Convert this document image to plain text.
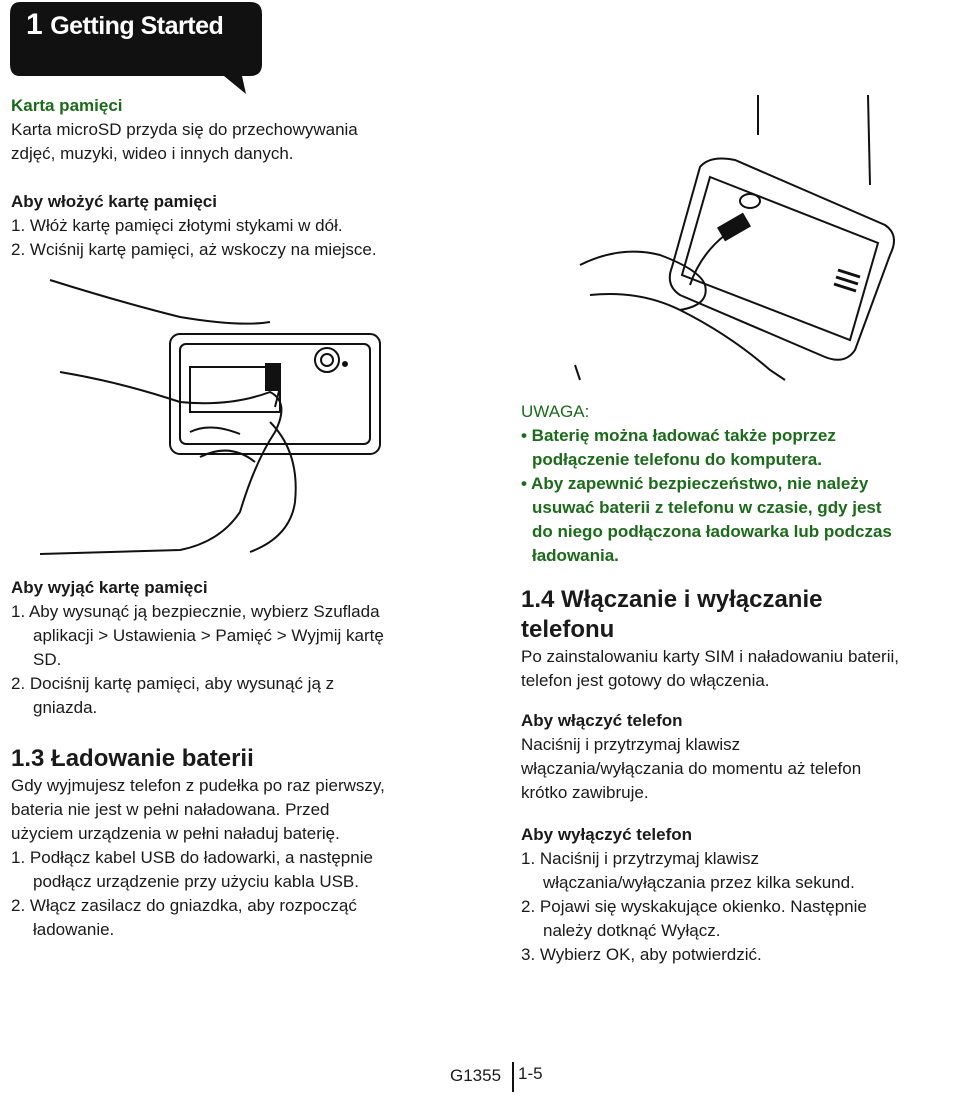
1 Getting Started
Karta pamięci
Karta microSD przyda się do przechowywania
zdjęć, muzyki, wideo i innych danych.
Aby włożyć kartę pamięci
1. Włóż kartę pamięci złotymi stykami w dół.
2. Wciśnij kartę pamięci, aż wskoczy na miejsce.
UWAGA:
• Baterię można ładować także poprzez
podłączenie telefonu do komputera.
• Aby zapewnić bezpieczeństwo, nie należy
usuwać baterii z telefonu w czasie, gdy jest
do niego podłączona ładowarka lub podczas
ładowania.
Aby wyjąć kartę pamięci
1. Aby wysunąć ją bezpiecznie, wybierz Szuflada
aplikacji > Ustawienia > Pamięć > Wyjmij kartę
SD.
2. Dociśnij kartę pamięci, aby wysunąć ją z
gniazda.
1.3 Ładowanie baterii
Gdy wyjmujesz telefon z pudełka po raz pierwszy,
bateria nie jest w pełni naładowana. Przed
użyciem urządzenia w pełni naładuj baterię.
1. Podłącz kabel USB do ładowarki, a następnie
podłącz urządzenie przy użyciu kabla USB.
2. Włącz zasilacz do gniazdka, aby rozpocząć
ładowanie.
1.4 Włączanie i wyłączanie
telefonu
Po zainstalowaniu karty SIM i naładowaniu baterii,
telefon jest gotowy do włączenia.
Aby włączyć telefon
Naciśnij i przytrzymaj klawisz
włączania/wyłączania do momentu aż telefon
krótko zawibruje.
Aby wyłączyć telefon
1. Naciśnij i przytrzymaj klawisz
włączania/wyłączania przez kilka sekund.
2. Pojawi się wyskakujące okienko. Następnie
należy dotknąć Wyłącz.
3. Wybierz OK, aby potwierdzić.
G1355 1-5
